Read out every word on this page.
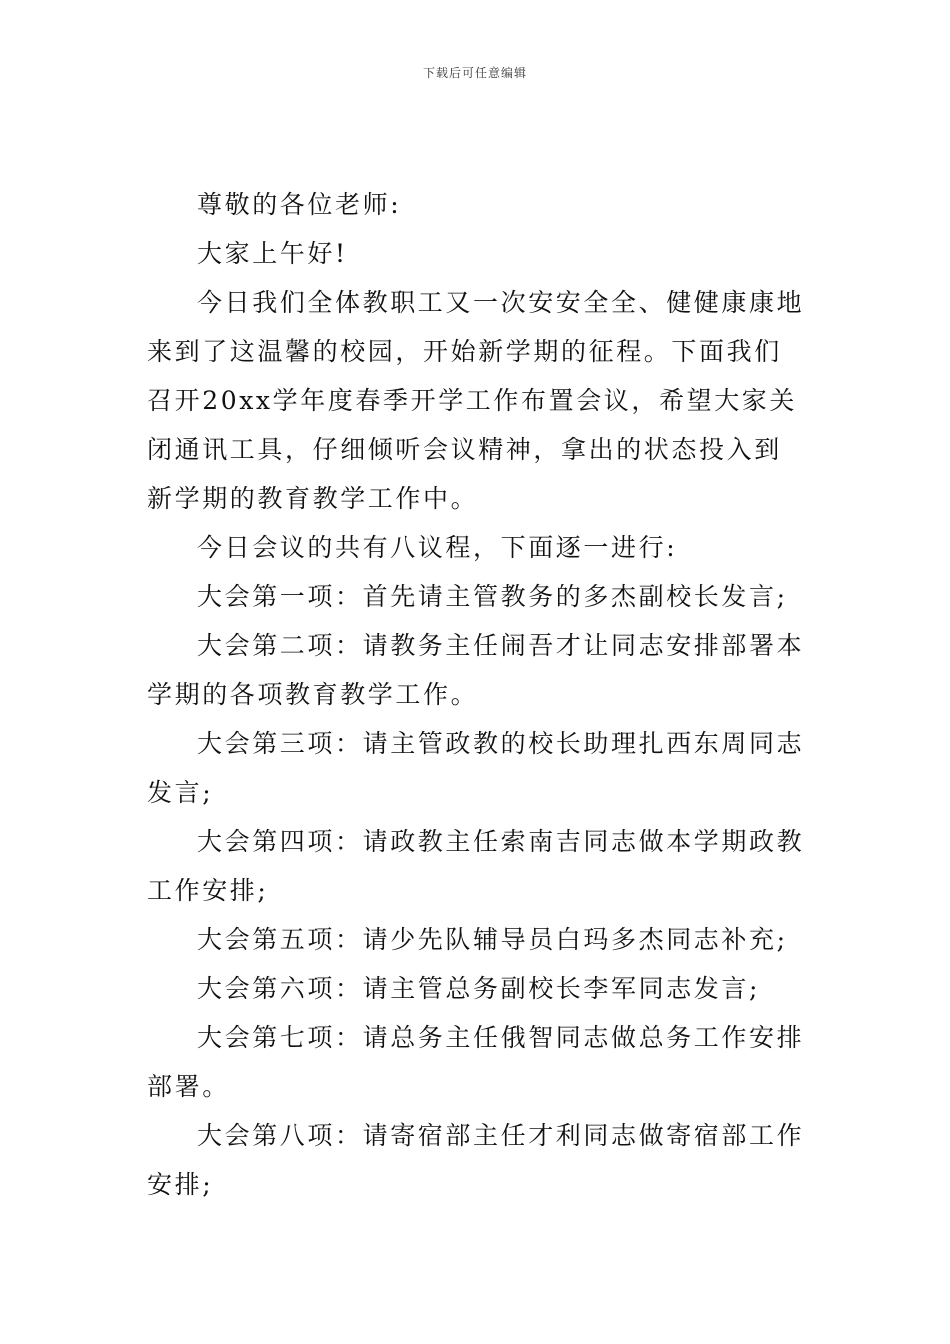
下载后可任意编辑

尊敬的各位老师:

大家上午好!

今日我们全体教职工又一次安安全全、健健康康地来到了这温馨的校园，开始新学期的征程。下面我们召开20xx学年度春季开学工作布置会议，希望大家关闭通讯工具，仔细倾听会议精神，拿出的状态投入到新学期的教育教学工作中。

今日会议的共有八议程，下面逐一进行:

大会第一项：首先请主管教务的多杰副校长发言;

大会第二项：请教务主任闹吾才让同志安排部署本学期的各项教育教学工作。

大会第三项：请主管政教的校长助理扎西东周同志发言;

大会第四项：请政教主任索南吉同志做本学期政教工作安排;

大会第五项：请少先队辅导员白玛多杰同志补充;

大会第六项：请主管总务副校长李军同志发言;

大会第七项：请总务主任俄智同志做总务工作安排部署。

大会第八项：请寄宿部主任才利同志做寄宿部工作安排;
